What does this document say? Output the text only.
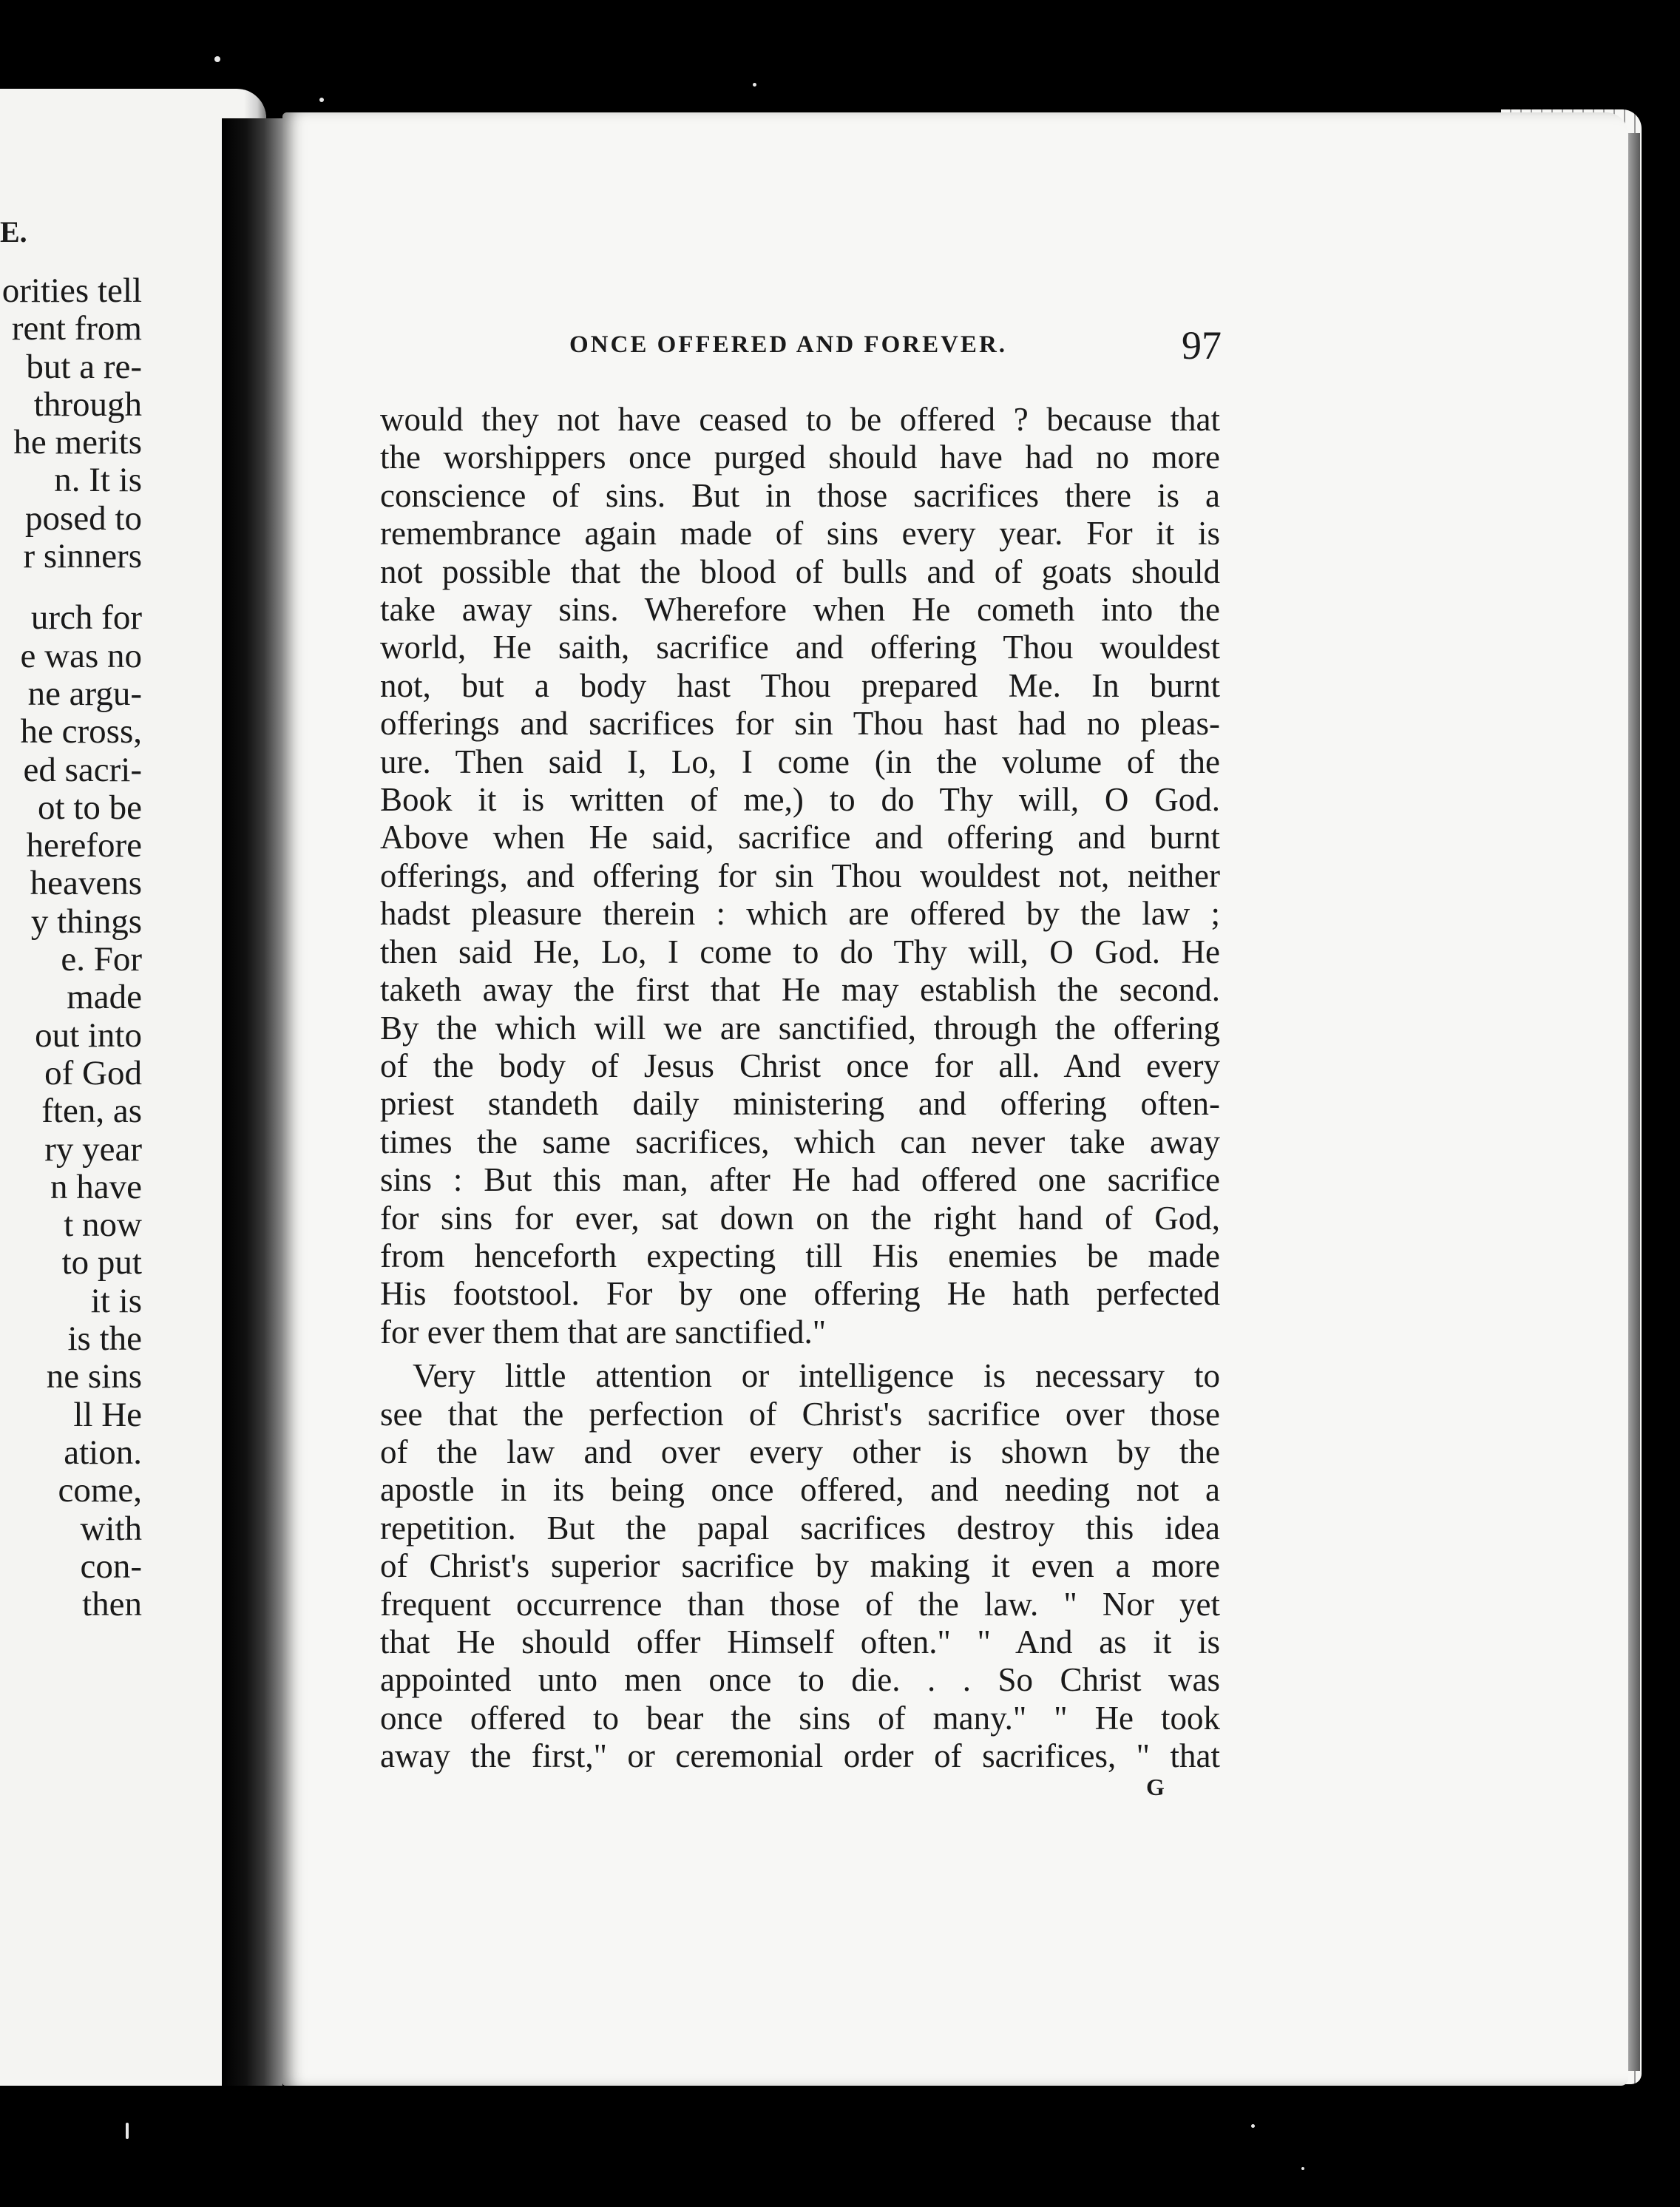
E.
orities tell
rent from
but a re-
through
he merits
n. It is
posed to
r sinners
urch for
e was no
ne argu-
he cross,
ed sacri-
ot to be
herefore
heavens
y things
e. For
made
out into
of God
ften, as
ry year
n have
t now
to put
it is
is the
ne sins
ll He
ation.
come,
with
con-
then
ONCE OFFERED AND FOREVER.	97
would they not have ceased to be offered ? because that
the worshippers once purged should have had no more
conscience of sins. But in those sacrifices there is a
remembrance again made of sins every year. For it is
not possible that the blood of bulls and of goats should
take away sins. Wherefore when He cometh into the
world, He saith, sacrifice and offering Thou wouldest
not, but a body hast Thou prepared Me. In burnt
offerings and sacrifices for sin Thou hast had no pleas-
ure. Then said I, Lo, I come (in the volume of the
Book it is written of me,) to do Thy will, O God.
Above when He said, sacrifice and offering and burnt
offerings, and offering for sin Thou wouldest not, neither
hadst pleasure therein : which are offered by the law ;
then said He, Lo, I come to do Thy will, O God. He
taketh away the first that He may establish the second.
By the which will we are sanctified, through the offering
of the body of Jesus Christ once for all. And every
priest standeth daily ministering and offering often-
times the same sacrifices, which can never take away
sins : But this man, after He had offered one sacrifice
for sins for ever, sat down on the right hand of God,
from henceforth expecting till His enemies be made
His footstool. For by one offering He hath perfected
for ever them that are sanctified."
Very little attention or intelligence is necessary to
see that the perfection of Christ's sacrifice over those
of the law and over every other is shown by the
apostle in its being once offered, and needing not a
repetition. But the papal sacrifices destroy this idea
of Christ's superior sacrifice by making it even a more
frequent occurrence than those of the law. " Nor yet
that He should offer Himself often." " And as it is
appointed unto men once to die. . . So Christ was
once offered to bear the sins of many." " He took
away the first," or ceremonial order of sacrifices, " that
G
